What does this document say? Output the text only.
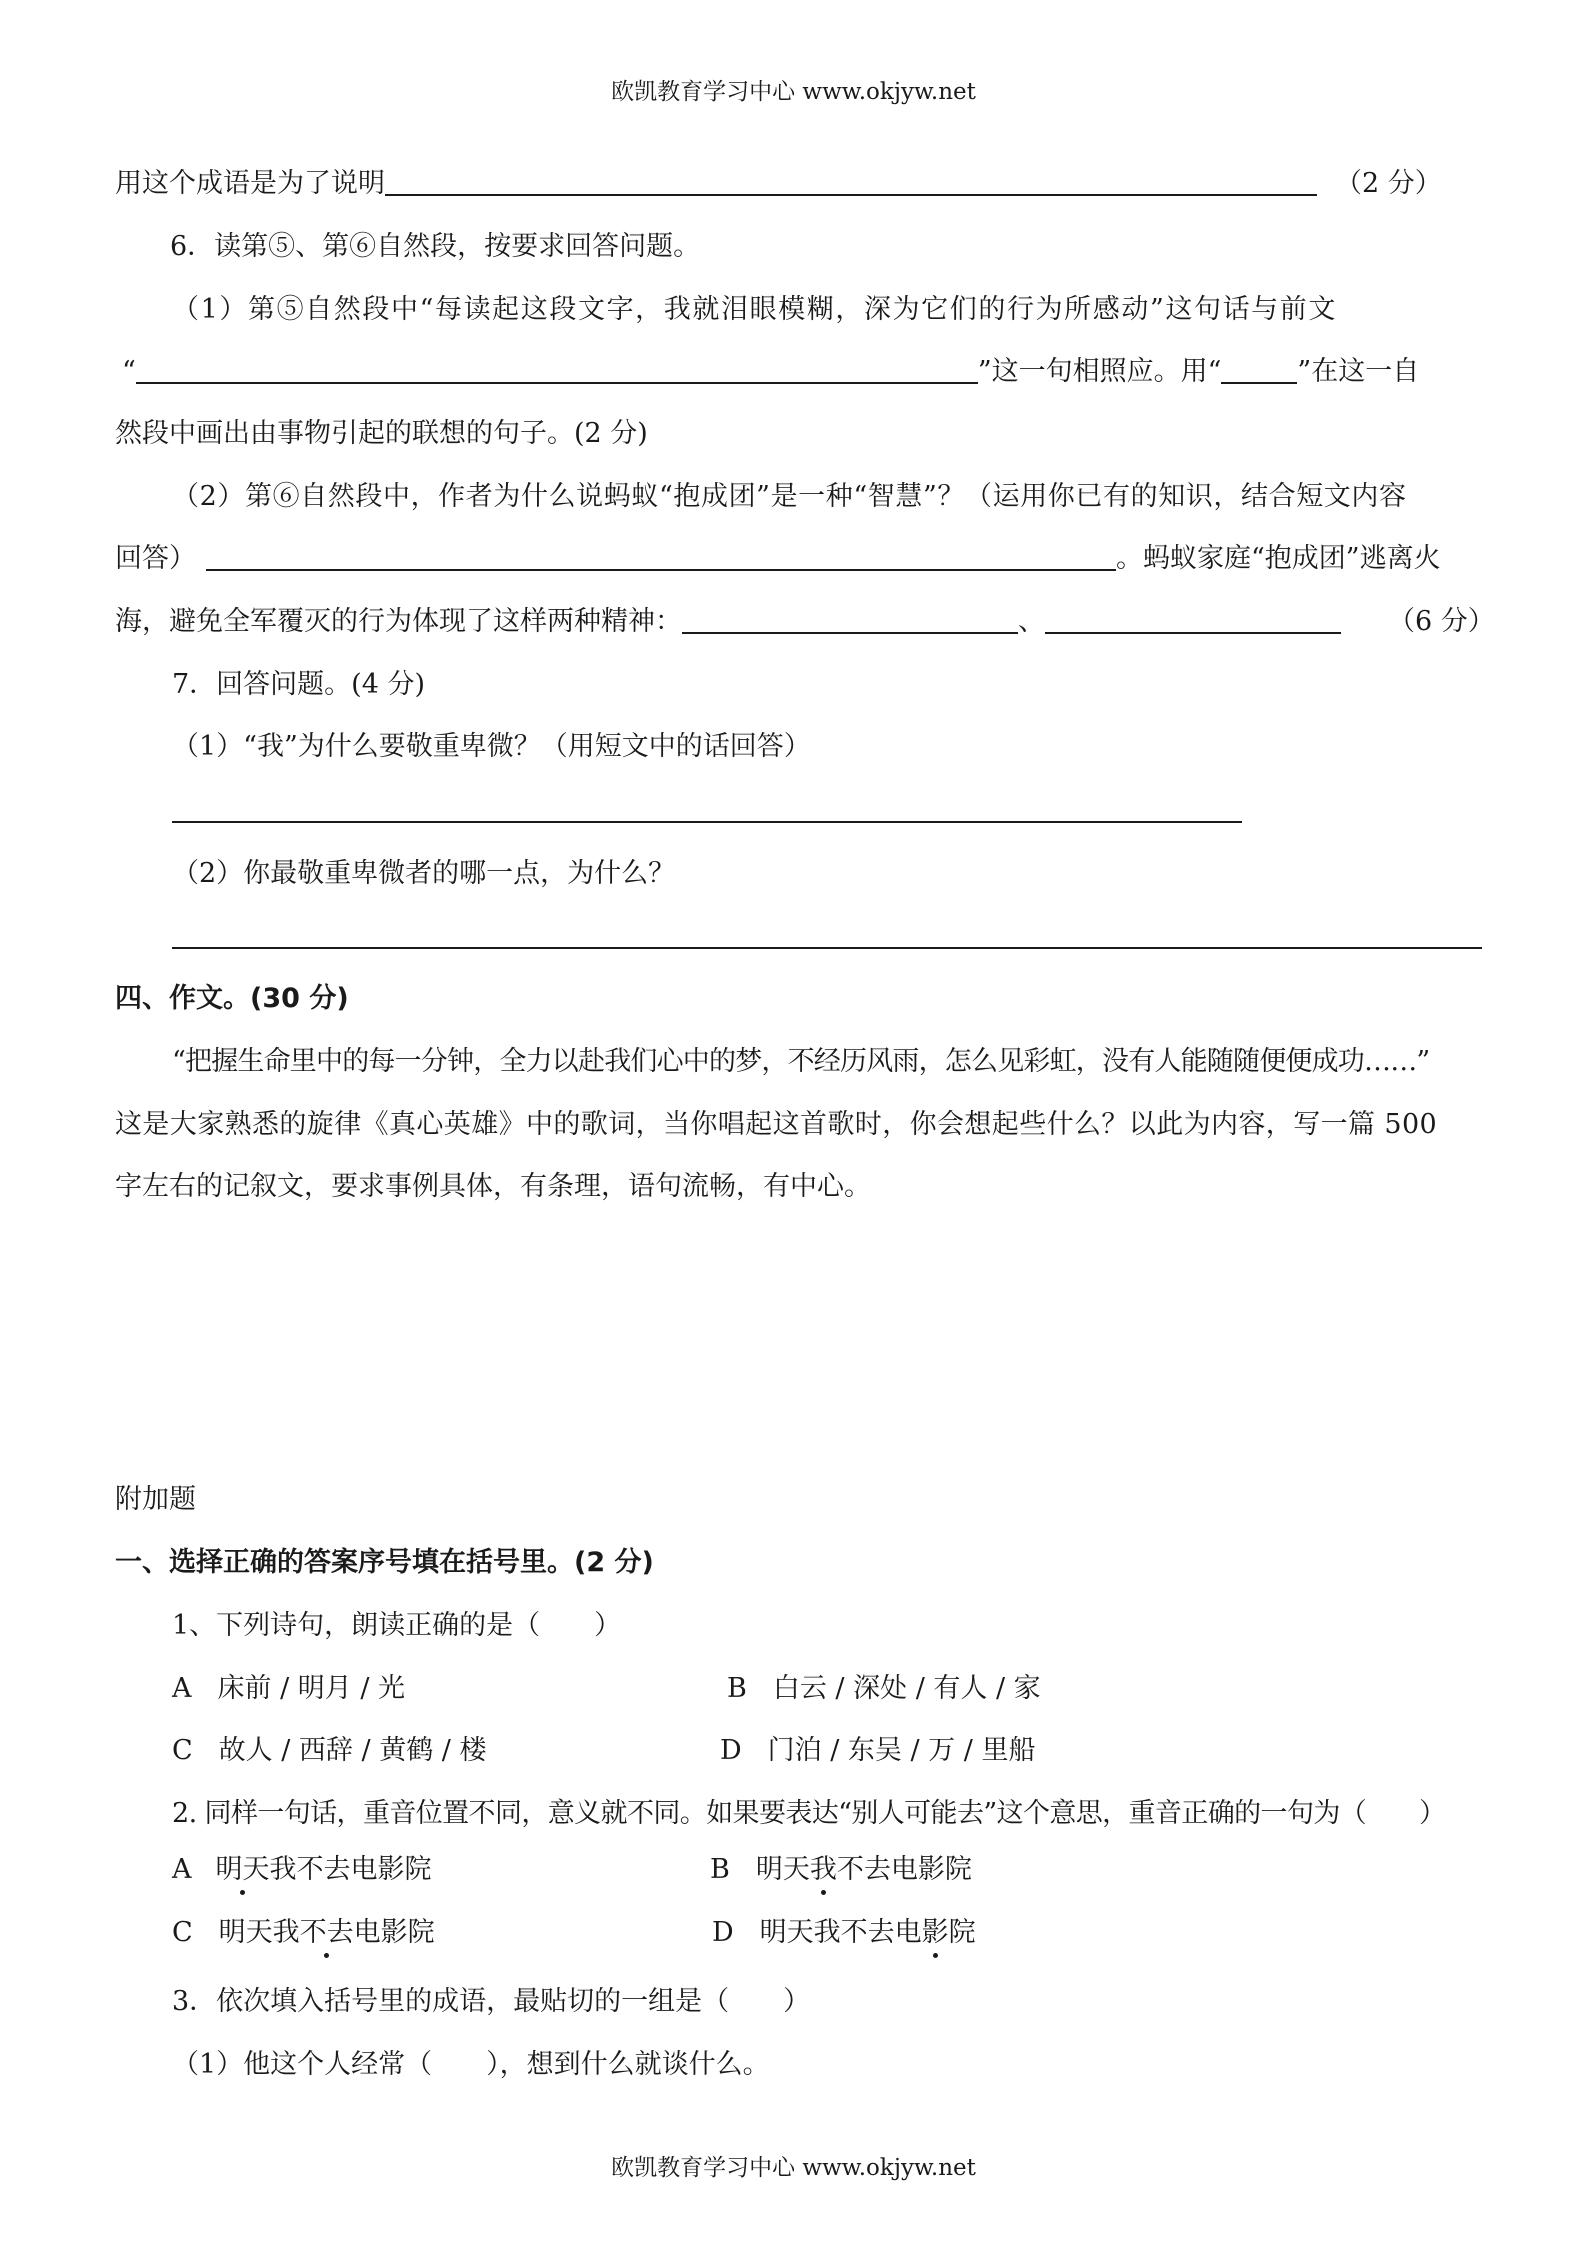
欧凯教育学习中心 www.okjyw.net
用这个成语是为了说明	（2 分）
6．读第⑤、第⑥自然段，按要求回答问题。
（1）第⑤自然段中“每读起这段文字，我就泪眼模糊，深为它们的行为所感动”这句话与前文
“	”这一句相照应。用“	”在这一自
然段中画出由事物引起的联想的句子。(2 分)
（2）第⑥自然段中，作者为什么说蚂蚁“抱成团”是一种“智慧”？（运用你已有的知识，结合短文内容
回答）	。蚂蚁家庭“抱成团”逃离火
海，避免全军覆灭的行为体现了这样两种精神：	、	（6 分）
7．回答问题。(4 分)
（1）“我”为什么要敬重卑微？（用短文中的话回答）
（2）你最敬重卑微者的哪一点，为什么？
四、作文。(30 分)
“把握生命里中的每一分钟，全力以赴我们心中的梦，不经历风雨，怎么见彩虹，没有人能随随便便成功……”
这是大家熟悉的旋律《真心英雄》中的歌词，当你唱起这首歌时，你会想起些什么？以此为内容，写一篇 500
字左右的记叙文，要求事例具体，有条理，语句流畅，有中心。
附加题
一、选择正确的答案序号填在括号里。(2 分)
1、下列诗句，朗读正确的是（　　）
A 床前 / 明月 / 光	B 白云 / 深处 / 有人 / 家
C 故人 / 西辞 / 黄鹤 / 楼	D 门泊 / 东吴 / 万 / 里船
2. 同样一句话，重音位置不同，意义就不同。如果要表达“别人可能去”这个意思，重音正确的一句为（　　）
A 明天我不去电影院	B 明天我不去电影院
C 明天我不去电影院	D 明天我不去电影院
3．依次填入括号里的成语，最贴切的一组是（　　）
（1）他这个人经常（　　），想到什么就谈什么。
欧凯教育学习中心 www.okjyw.net
